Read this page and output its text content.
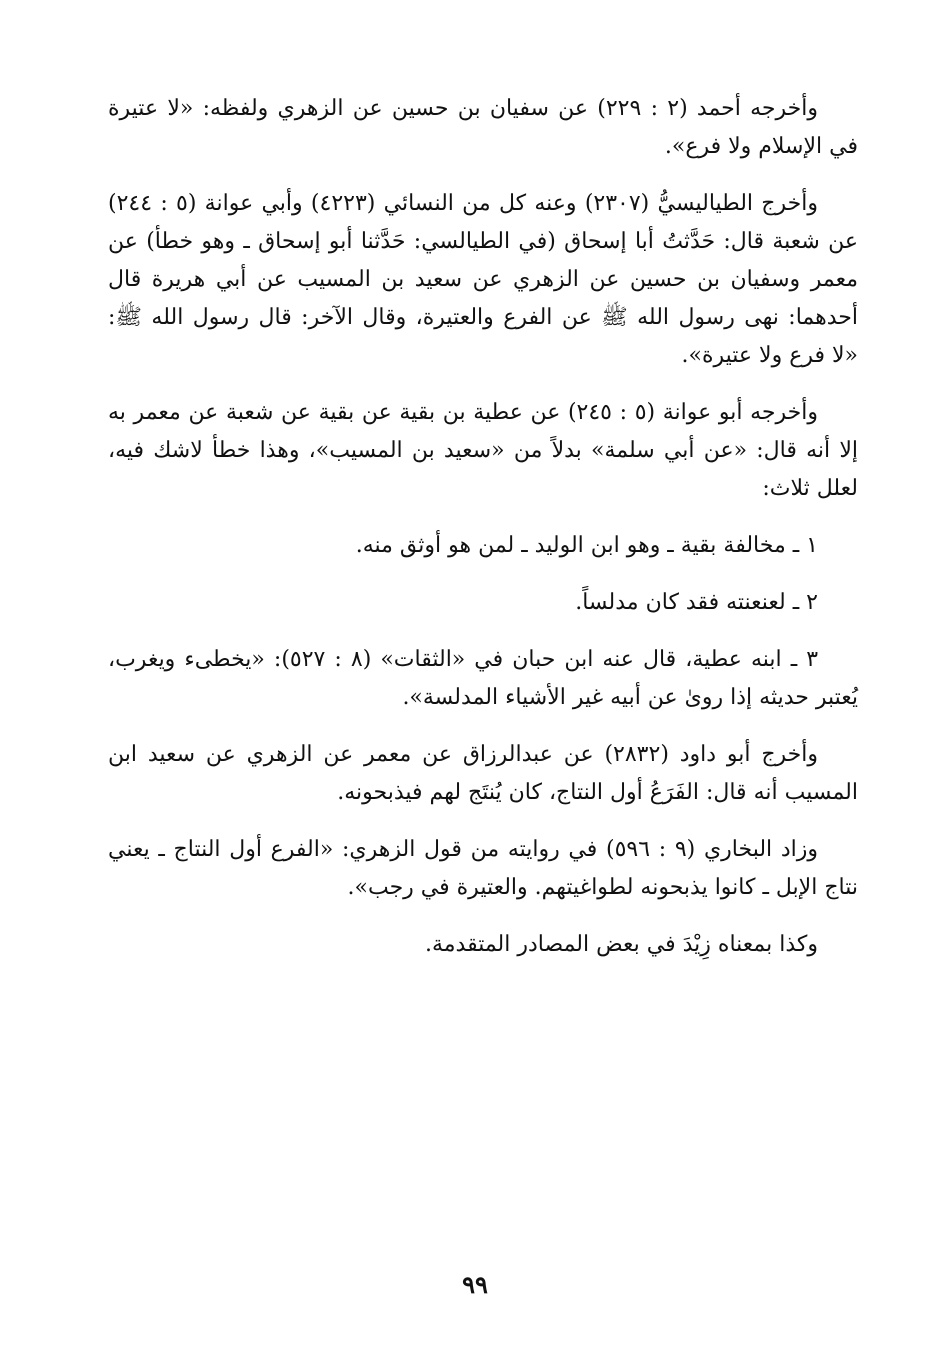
وأخرجه أحمد (٢ : ٢٢٩) عن سفيان بن حسين عن الزهري ولفظه: «لا عتيرة في الإسلام ولا فرع».

وأخرج الطياليسيُّ (٢٣٠٧) وعنه كل من النسائي (٤٢٢٣) وأبي عوانة (٥ : ٢٤٤) عن شعبة قال: حَدَّثتُ أبا إسحاق (في الطيالسي: حَدَّثنا أبو إسحاق ـ وهو خطأ) عن معمر وسفيان بن حسين عن الزهري عن سعيد بن المسيب عن أبي هريرة قال أحدهما: نهى رسول الله ﷺ عن الفرع والعتيرة، وقال الآخر: قال رسول الله ﷺ: «لا فرع ولا عتيرة».

وأخرجه أبو عوانة (٥ : ٢٤٥) عن عطية بن بقية عن بقية عن شعبة عن معمر به إلا أنه قال: «عن أبي سلمة» بدلاً من «سعيد بن المسيب»، وهذا خطأ لاشك فيه، لعلل ثلاث:

١ ـ مخالفة بقية ـ وهو ابن الوليد ـ لمن هو أوثق منه.

٢ ـ لعنعنته فقد كان مدلساً.

٣ ـ ابنه عطية، قال عنه ابن حبان في «الثقات» (٨ : ٥٢٧): «يخطىء ويغرب، يُعتبر حديثه إذا روىٰ عن أبيه غير الأشياء المدلسة».

وأخرج أبو داود (٢٨٣٢) عن عبدالرزاق عن معمر عن الزهري عن سعيد ابن المسيب أنه قال: الفَرَعُ أول النتاج، كان يُنتَج لهم فيذبحونه.

وزاد البخاري (٩ : ٥٩٦) في روايته من قول الزهري: «الفرع أول النتاج ـ يعني نتاج الإبل ـ كانوا يذبحونه لطواغيتهم. والعتيرة في رجب».

وكذا بمعناه زِيْدَ في بعض المصادر المتقدمة.

٩٩
